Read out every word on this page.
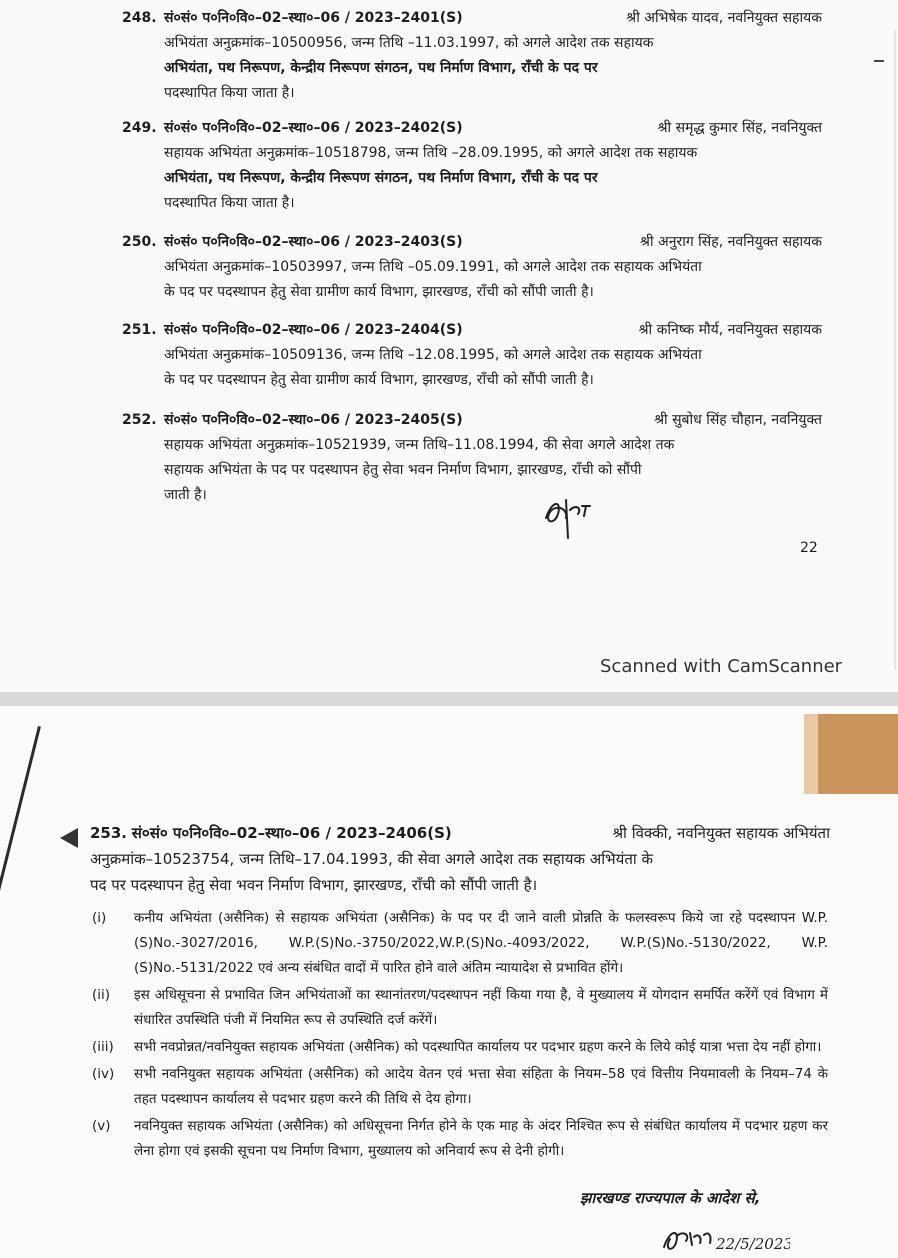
248. सं०सं० प०नि०वि०–02–स्था०–06 / 2023–2401(S)	श्री अभिषेक यादव, नवनियुक्त सहायक
अभियंता अनुक्रमांक–10500956, जन्म तिथि –11.03.1997, को अगले आदेश तक सहायक
अभियंता, पथ निरूपण, केन्द्रीय निरूपण संगठन, पथ निर्माण विभाग, राँची के पद पर
पदस्थापित किया जाता है।
249. सं०सं० प०नि०वि०–02–स्था०–06 / 2023–2402(S)	श्री समृद्ध कुमार सिंह, नवनियुक्त
सहायक अभियंता अनुक्रमांक–10518798, जन्म तिथि –28.09.1995, को अगले आदेश तक सहायक
अभियंता, पथ निरूपण, केन्द्रीय निरूपण संगठन, पथ निर्माण विभाग, राँची के पद पर
पदस्थापित किया जाता है।
250. सं०सं० प०नि०वि०–02–स्था०–06 / 2023–2403(S)	श्री अनुराग सिंह, नवनियुक्त सहायक
अभियंता अनुक्रमांक–10503997, जन्म तिथि –05.09.1991, को अगले आदेश तक सहायक अभियंता
के पद पर पदस्थापन हेतु सेवा ग्रामीण कार्य विभाग, झारखण्ड, राँची को सौंपी जाती है।
251. सं०सं० प०नि०वि०–02–स्था०–06 / 2023–2404(S)	श्री कनिष्क मौर्य, नवनियुक्त सहायक
अभियंता अनुक्रमांक–10509136, जन्म तिथि –12.08.1995, को अगले आदेश तक सहायक अभियंता
के पद पर पदस्थापन हेतु सेवा ग्रामीण कार्य विभाग, झारखण्ड, राँची को सौंपी जाती है।
252. सं०सं० प०नि०वि०–02–स्था०–06 / 2023–2405(S)	श्री सुबोध सिंह चौहान, नवनियुक्त
सहायक अभियंता अनुक्रमांक–10521939, जन्म तिथि–11.08.1994, की सेवा अगले आदेश तक
सहायक अभियंता के पद पर पदस्थापन हेतु सेवा भवन निर्माण विभाग, झारखण्ड, राँची को सौंपी
जाती है।
22
Scanned with CamScanner
253. सं०सं० प०नि०वि०–02–स्था०–06 / 2023–2406(S)	श्री विक्की, नवनियुक्त सहायक अभियंता
अनुक्रमांक–10523754, जन्म तिथि–17.04.1993, की सेवा अगले आदेश तक सहायक अभियंता के
पद पर पदस्थापन हेतु सेवा भवन निर्माण विभाग, झारखण्ड, राँची को सौंपी जाती है।
(i)	कनीय अभियंता (असैनिक) से सहायक अभियंता (असैनिक) के पद पर दी जाने वाली प्रोन्नति के फलस्वरूप किये जा रहे पदस्थापन W.P.(S)No.-3027/2016, W.P.(S)No.-3750/2022,W.P.(S)No.-4093/2022, W.P.(S)No.-5130/2022, W.P.(S)No.-5131/2022 एवं अन्य संबंधित वादों में पारित होने वाले अंतिम न्यायादेश से प्रभावित होंगे।
(ii)	इस अधिसूचना से प्रभावित जिन अभियंताओं का स्थानांतरण/पदस्थापन नहीं किया गया है, वे मुख्यालय में योगदान समर्पित करेंगें एवं विभाग में संधारित उपस्थिति पंजी में नियमित रूप से उपस्थिति दर्ज करेंगें।
(iii)	सभी नवप्रोन्नत/नवनियुक्त सहायक अभियंता (असैनिक) को पदस्थापित कार्यालय पर पदभार ग्रहण करने के लिये कोई यात्रा भत्ता देय नहीं होगा।
(iv)	सभी नवनियुक्त सहायक अभियंता (असैनिक) को आदेय वेतन एवं भत्ता सेवा संहिता के नियम–58 एवं वित्तीय नियमावली के नियम–74 के तहत पदस्थापन कार्यालय से पदभार ग्रहण करने की तिथि से देय होगा।
(v)	नवनियुक्त सहायक अभियंता (असैनिक) को अधिसूचना निर्गत होने के एक माह के अंदर निश्चित रूप से संबंधित कार्यालय में पदभार ग्रहण कर लेना होगा एवं इसकी सूचना पथ निर्माण विभाग, मुख्यालय को अनिवार्य रूप से देनी होगी।
झारखण्ड राज्यपाल के आदेश से,
22/5/2023
